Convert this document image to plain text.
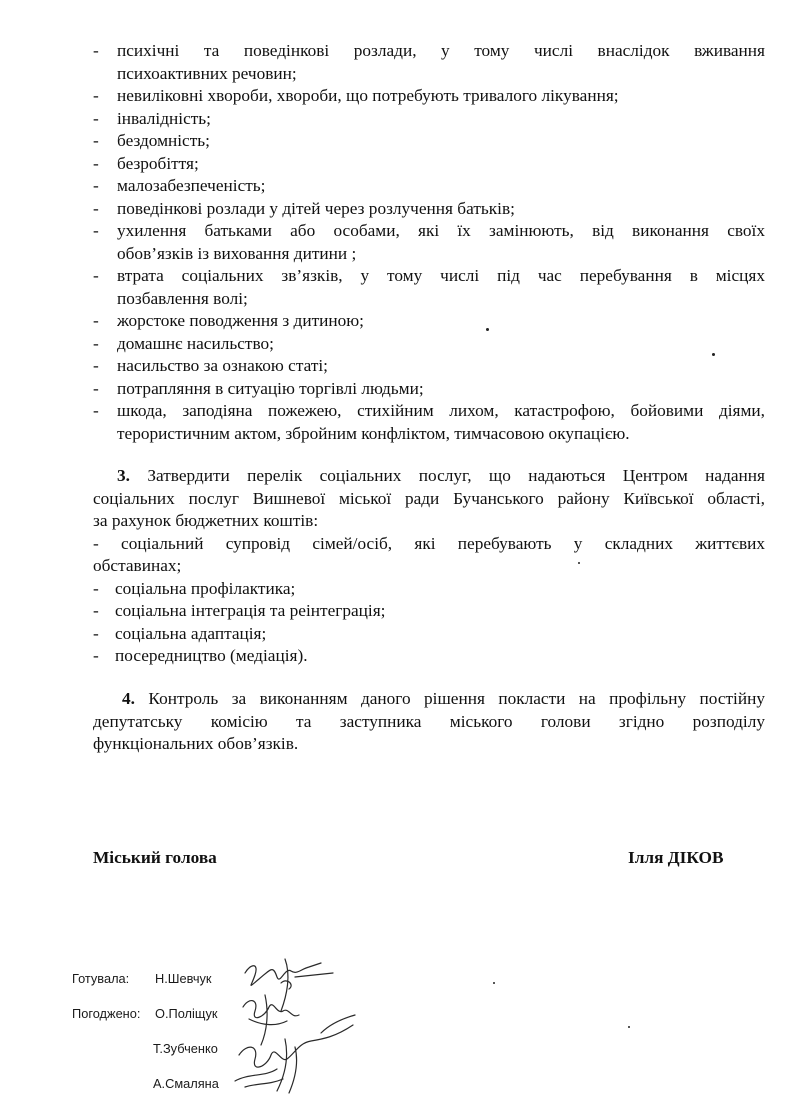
- психічні та поведінкові розлади, у тому числі внаслідок вживання
психоактивних речовин;
- невиліковні хвороби, хвороби, що потребують тривалого лікування;
- інвалідність;
- бездомність;
- безробіття;
- малозабезпеченість;
- поведінкові розлади у дітей через розлучення батьків;
- ухилення батьками або особами, які їх замінюють, від виконання своїх
обов’язків із виховання дитини ;
- втрата соціальних зв’язків, у тому числі під час перебування в місцях
позбавлення волі;
- жорстоке поводження з дитиною;
- домашнє насильство;
- насильство за ознакою статі;
- потрапляння в ситуацію торгівлі людьми;
- шкода, заподіяна пожежею, стихійним лихом, катастрофою, бойовими діями,
терористичним актом, збройним конфліктом, тимчасовою окупацією.
3. Затвердити перелік соціальних послуг, що надаються Центром надання
соціальних послуг Вишневої міської ради Бучанського району Київської області,
за рахунок бюджетних коштів:
- соціальний супровід сімей/осіб, які перебувають у складних життєвих
обставинах;
- соціальна профілактика;
- соціальна інтеграція та реінтеграція;
- соціальна адаптація;
- посередництво (медіація).
4. Контроль за виконанням даного рішення покласти на профільну постійну
депутатську комісію та заступника міського голови згідно розподілу
функціональних обов’язків.
Міський голова	Ілля ДІКОВ
Готувала: Н.Шевчук
Погоджено: О.Поліщук
Т.Зубченко
А.Смаляна
